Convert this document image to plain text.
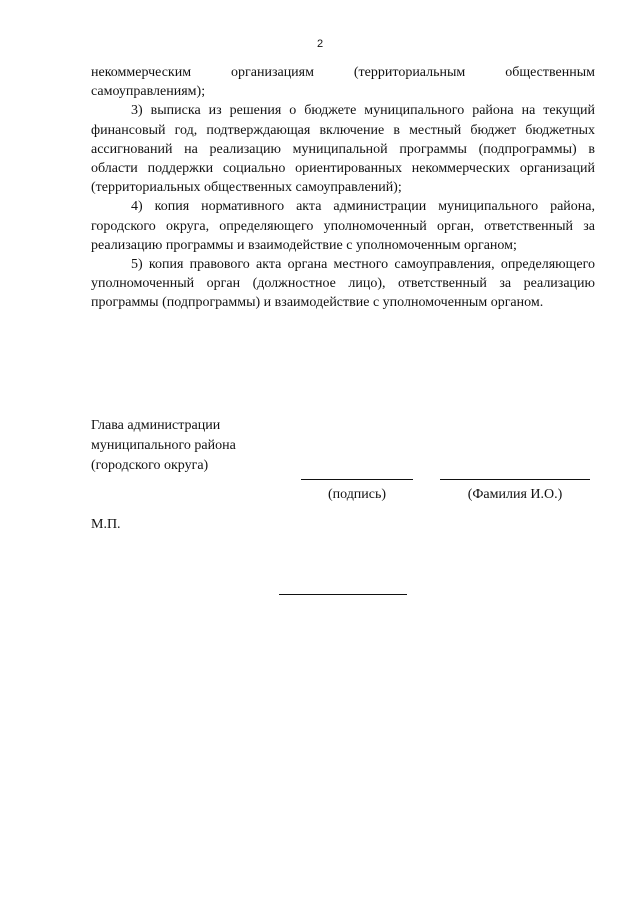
2

некоммерческим организациям (территориальным общественным самоуправлениям);

3) выписка из решения о бюджете муниципального района на текущий финансовый год, подтверждающая включение в местный бюджет бюджетных ассигнований на реализацию муниципальной программы (подпрограммы) в области поддержки социально ориентированных некоммерческих организаций (территориальных общественных самоуправлений);

4) копия нормативного акта администрации муниципального района, городского округа, определяющего уполномоченный орган, ответственный за реализацию программы и взаимодействие с уполномоченным органом;

5) копия правового акта органа местного самоуправления, определяющего уполномоченный орган (должностное лицо), ответственный за реализацию программы (подпрограммы) и взаимодействие с уполномоченным органом.

Глава администрации
муниципального района
(городского округа)
(подпись)	(Фамилия И.О.)
М.П.
